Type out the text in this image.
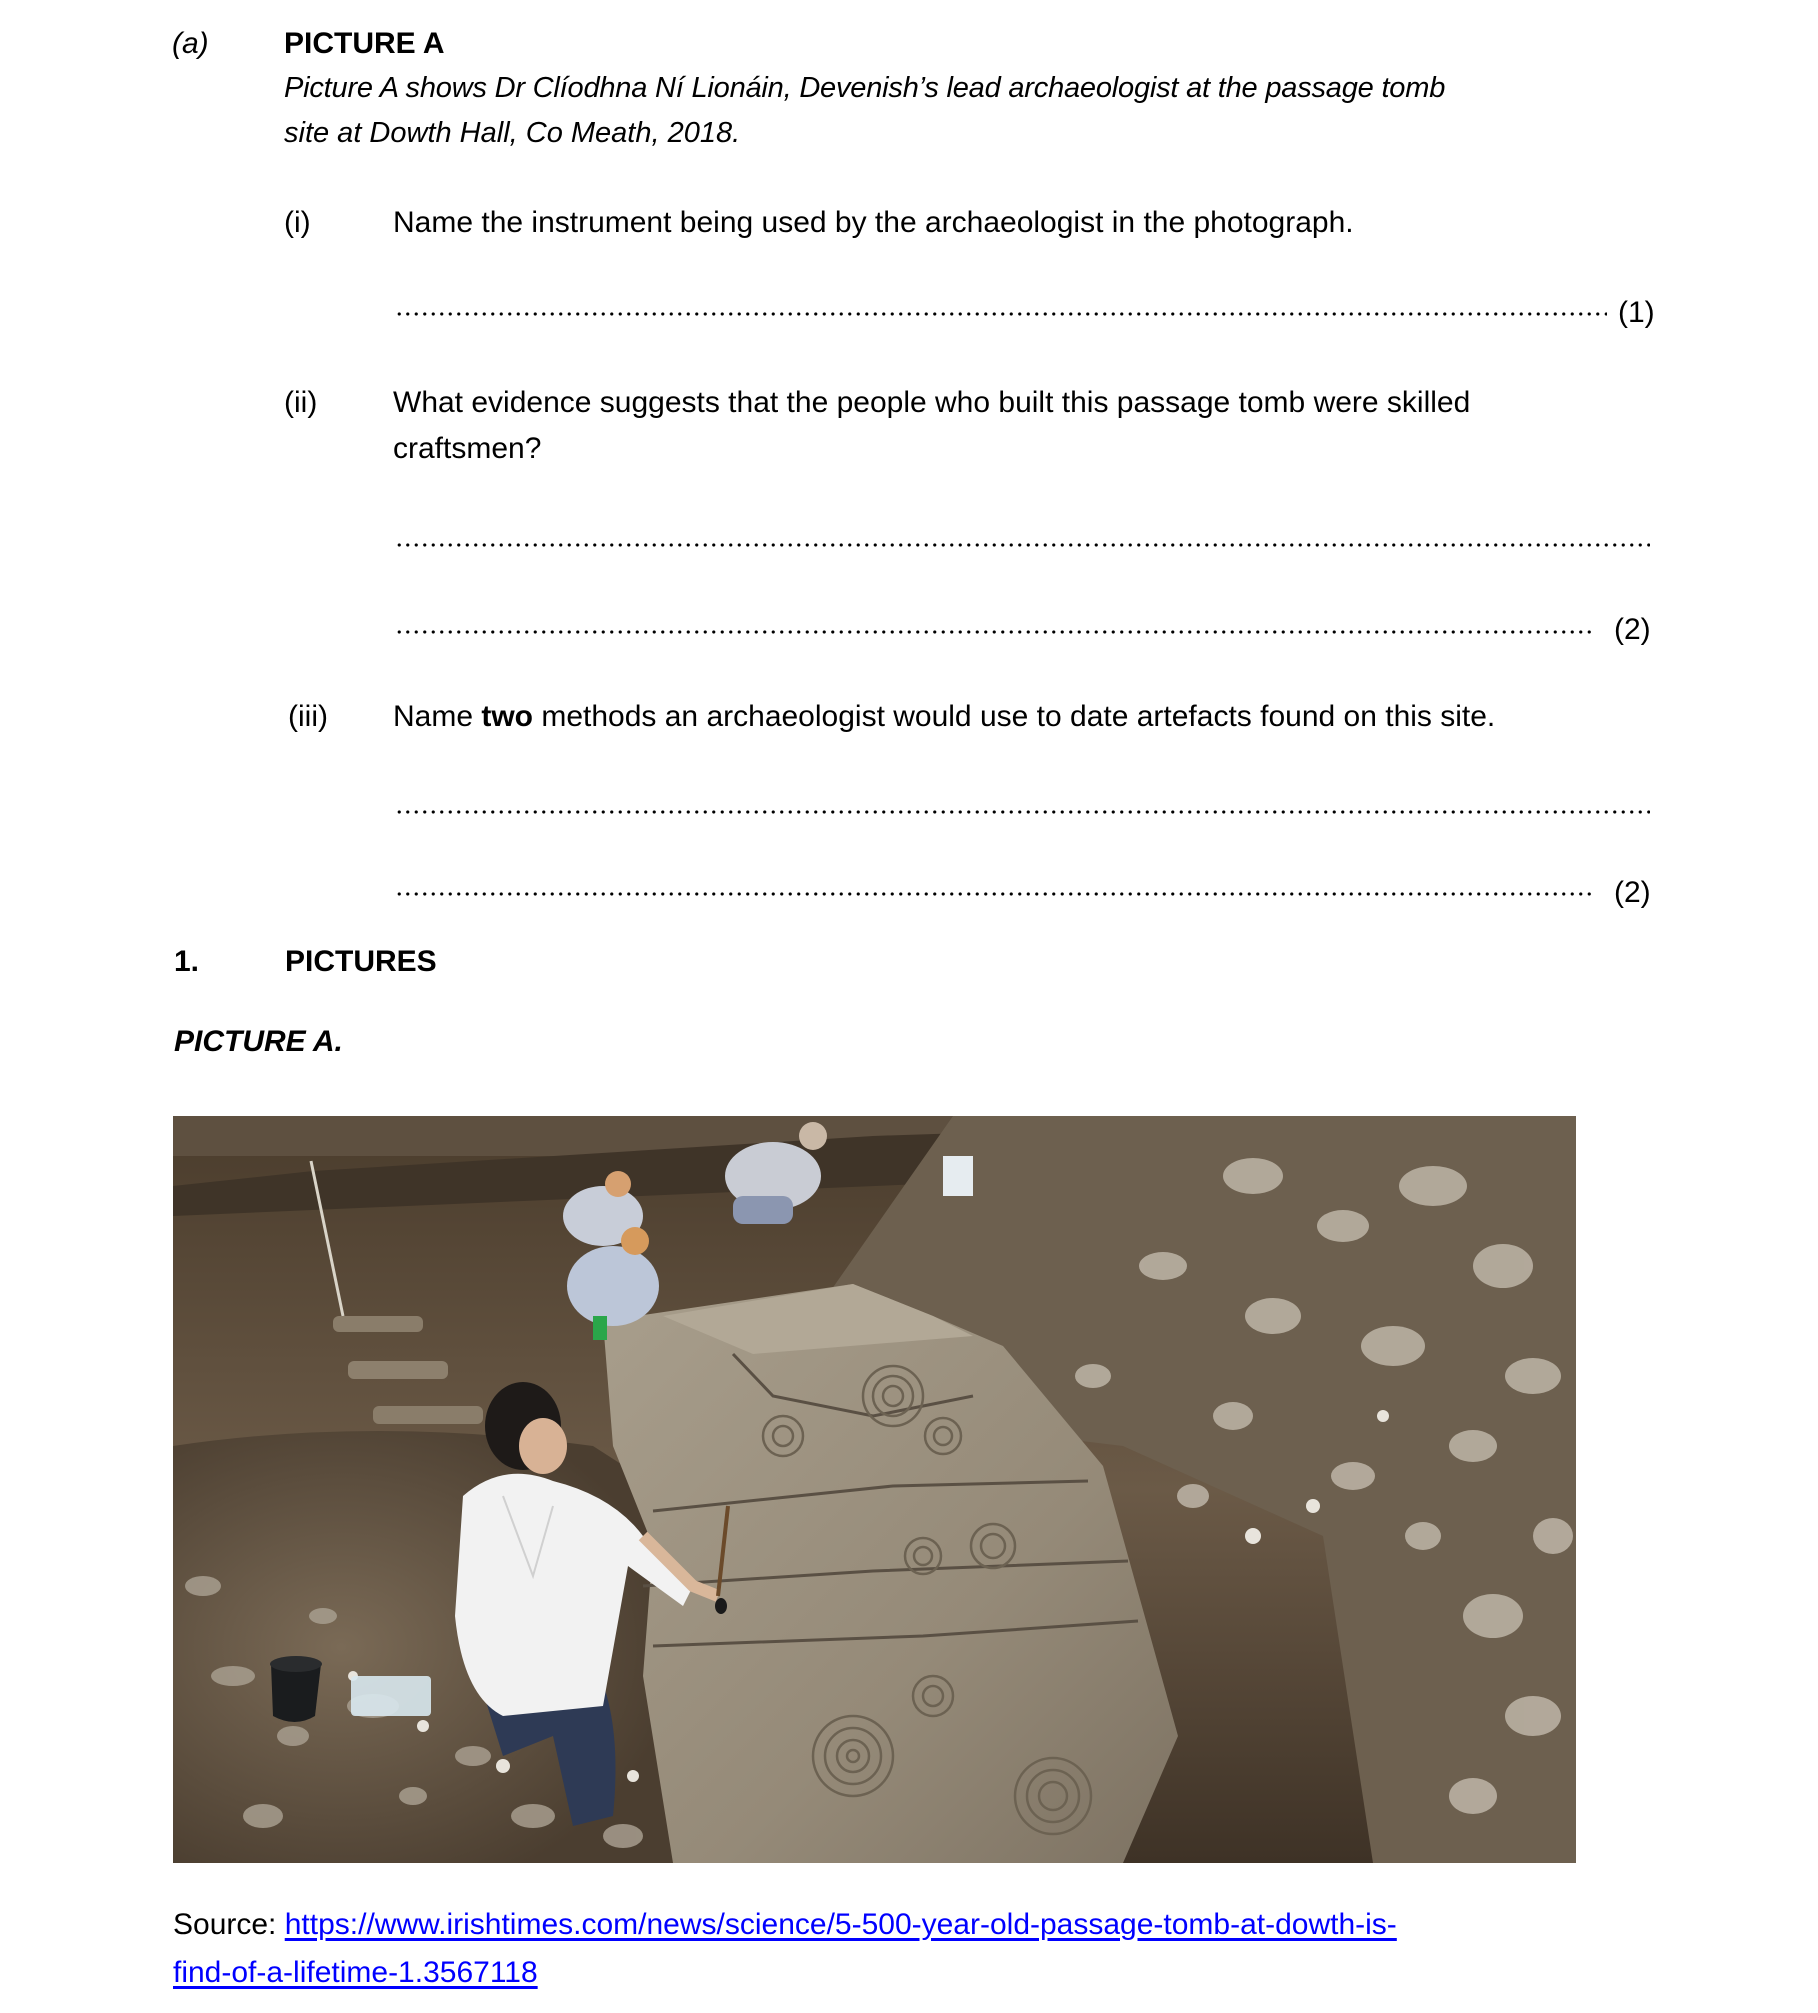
(a)	PICTURE A
Picture A shows Dr Clíodhna Ní Lionáin, Devenish’s lead archaeologist at the passage tomb
site at Dowth Hall, Co Meath, 2018.
(i)	Name the instrument being used by the archaeologist in the photograph.
(1)
(ii)	What evidence suggests that the people who built this passage tomb were skilled
craftsmen?
(2)
(iii) Name two methods an archaeologist would use to date artefacts found on this site.
(2)
1.	PICTURES
PICTURE A.
Source: https://www.irishtimes.com/news/science/5-500-year-old-passage-tomb-at-dowth-is-
find-of-a-lifetime-1.3567118
